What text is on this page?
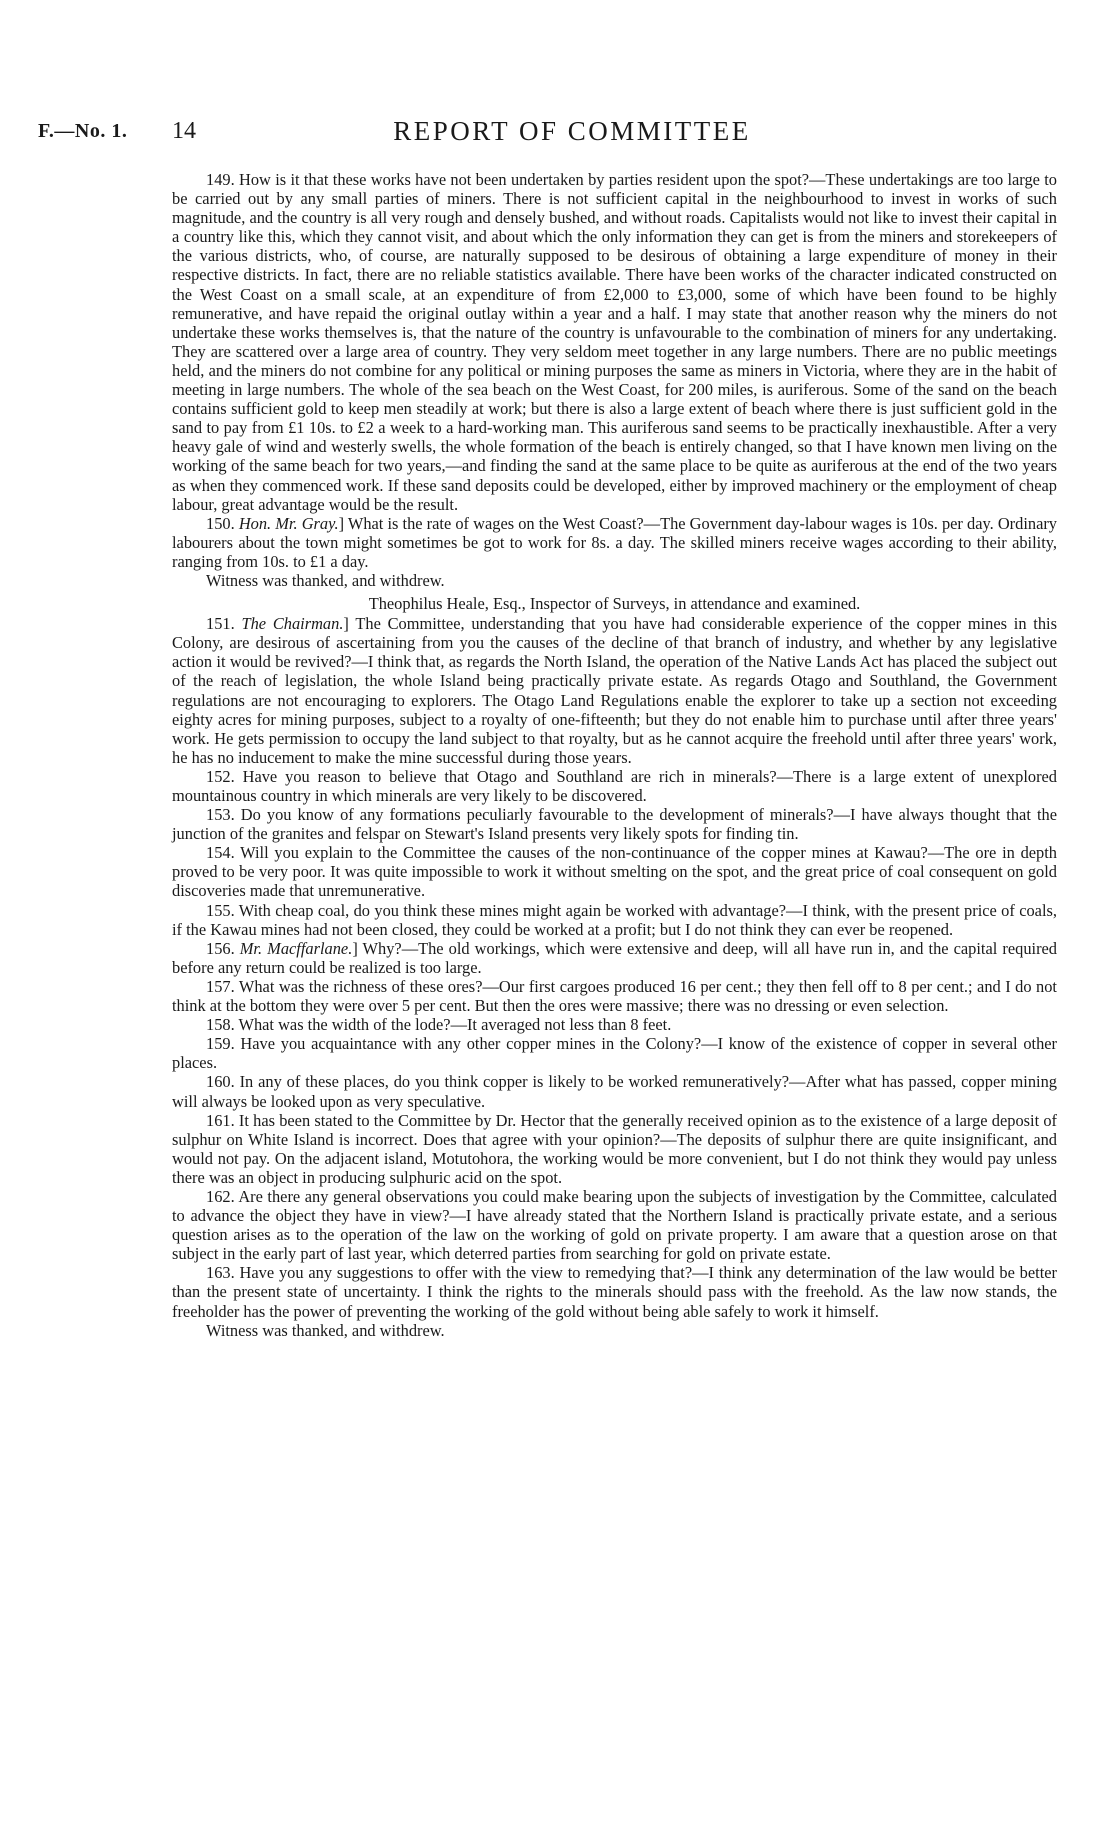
F.—No. 1. 14	REPORT OF COMMITTEE

149. How is it that these works have not been undertaken by parties resident upon the spot?—These undertakings are too large to be carried out by any small parties of miners. There is not sufficient capital in the neighbourhood to invest in works of such magnitude, and the country is all very rough and densely bushed, and without roads. Capitalists would not like to invest their capital in a country like this, which they cannot visit, and about which the only information they can get is from the miners and storekeepers of the various districts, who, of course, are naturally supposed to be desirous of obtaining a large expenditure of money in their respective districts. In fact, there are no reliable statistics available. There have been works of the character indicated constructed on the West Coast on a small scale, at an expenditure of from £2,000 to £3,000, some of which have been found to be highly remunerative, and have repaid the original outlay within a year and a half. I may state that another reason why the miners do not undertake these works themselves is, that the nature of the country is unfavourable to the combination of miners for any undertaking. They are scattered over a large area of country. They very seldom meet together in any large numbers. There are no public meetings held, and the miners do not combine for any political or mining purposes the same as miners in Victoria, where they are in the habit of meeting in large numbers. The whole of the sea beach on the West Coast, for 200 miles, is auriferous. Some of the sand on the beach contains sufficient gold to keep men steadily at work; but there is also a large extent of beach where there is just sufficient gold in the sand to pay from £1 10s. to £2 a week to a hard-working man. This auriferous sand seems to be practically inexhaustible. After a very heavy gale of wind and westerly swells, the whole formation of the beach is entirely changed, so that I have known men living on the working of the same beach for two years,—and finding the sand at the same place to be quite as auriferous at the end of the two years as when they commenced work. If these sand deposits could be developed, either by improved machinery or the employment of cheap labour, great advantage would be the result.

150. Hon. Mr. Gray.] What is the rate of wages on the West Coast?—The Government day-labour wages is 10s. per day. Ordinary labourers about the town might sometimes be got to work for 8s. a day. The skilled miners receive wages according to their ability, ranging from 10s. to £1 a day.

Witness was thanked, and withdrew.

Theophilus Heale, Esq., Inspector of Surveys, in attendance and examined.

151. The Chairman.] The Committee, understanding that you have had considerable experience of the copper mines in this Colony, are desirous of ascertaining from you the causes of the decline of that branch of industry, and whether by any legislative action it would be revived?—I think that, as regards the North Island, the operation of the Native Lands Act has placed the subject out of the reach of legislation, the whole Island being practically private estate. As regards Otago and Southland, the Government regulations are not encouraging to explorers. The Otago Land Regulations enable the explorer to take up a section not exceeding eighty acres for mining purposes, subject to a royalty of one-fifteenth; but they do not enable him to purchase until after three years' work. He gets permission to occupy the land subject to that royalty, but as he cannot acquire the freehold until after three years' work, he has no inducement to make the mine successful during those years.

152. Have you reason to believe that Otago and Southland are rich in minerals?—There is a large extent of unexplored mountainous country in which minerals are very likely to be discovered.

153. Do you know of any formations peculiarly favourable to the development of minerals?—I have always thought that the junction of the granites and felspar on Stewart's Island presents very likely spots for finding tin.

154. Will you explain to the Committee the causes of the non-continuance of the copper mines at Kawau?—The ore in depth proved to be very poor. It was quite impossible to work it without smelting on the spot, and the great price of coal consequent on gold discoveries made that unremunerative.

155. With cheap coal, do you think these mines might again be worked with advantage?—I think, with the present price of coals, if the Kawau mines had not been closed, they could be worked at a profit; but I do not think they can ever be reopened.

156. Mr. Macffarlane.] Why?—The old workings, which were extensive and deep, will all have run in, and the capital required before any return could be realized is too large.

157. What was the richness of these ores?—Our first cargoes produced 16 per cent.; they then fell off to 8 per cent.; and I do not think at the bottom they were over 5 per cent. But then the ores were massive; there was no dressing or even selection.

158. What was the width of the lode?—It averaged not less than 8 feet.

159. Have you acquaintance with any other copper mines in the Colony?—I know of the existence of copper in several other places.

160. In any of these places, do you think copper is likely to be worked remuneratively?—After what has passed, copper mining will always be looked upon as very speculative.

161. It has been stated to the Committee by Dr. Hector that the generally received opinion as to the existence of a large deposit of sulphur on White Island is incorrect. Does that agree with your opinion?—The deposits of sulphur there are quite insignificant, and would not pay. On the adjacent island, Motutohora, the working would be more convenient, but I do not think they would pay unless there was an object in producing sulphuric acid on the spot.

162. Are there any general observations you could make bearing upon the subjects of investigation by the Committee, calculated to advance the object they have in view?—I have already stated that the Northern Island is practically private estate, and a serious question arises as to the operation of the law on the working of gold on private property. I am aware that a question arose on that subject in the early part of last year, which deterred parties from searching for gold on private estate.

163. Have you any suggestions to offer with the view to remedying that?—I think any determination of the law would be better than the present state of uncertainty. I think the rights to the minerals should pass with the freehold. As the law now stands, the freeholder has the power of preventing the working of the gold without being able safely to work it himself.

Witness was thanked, and withdrew.
